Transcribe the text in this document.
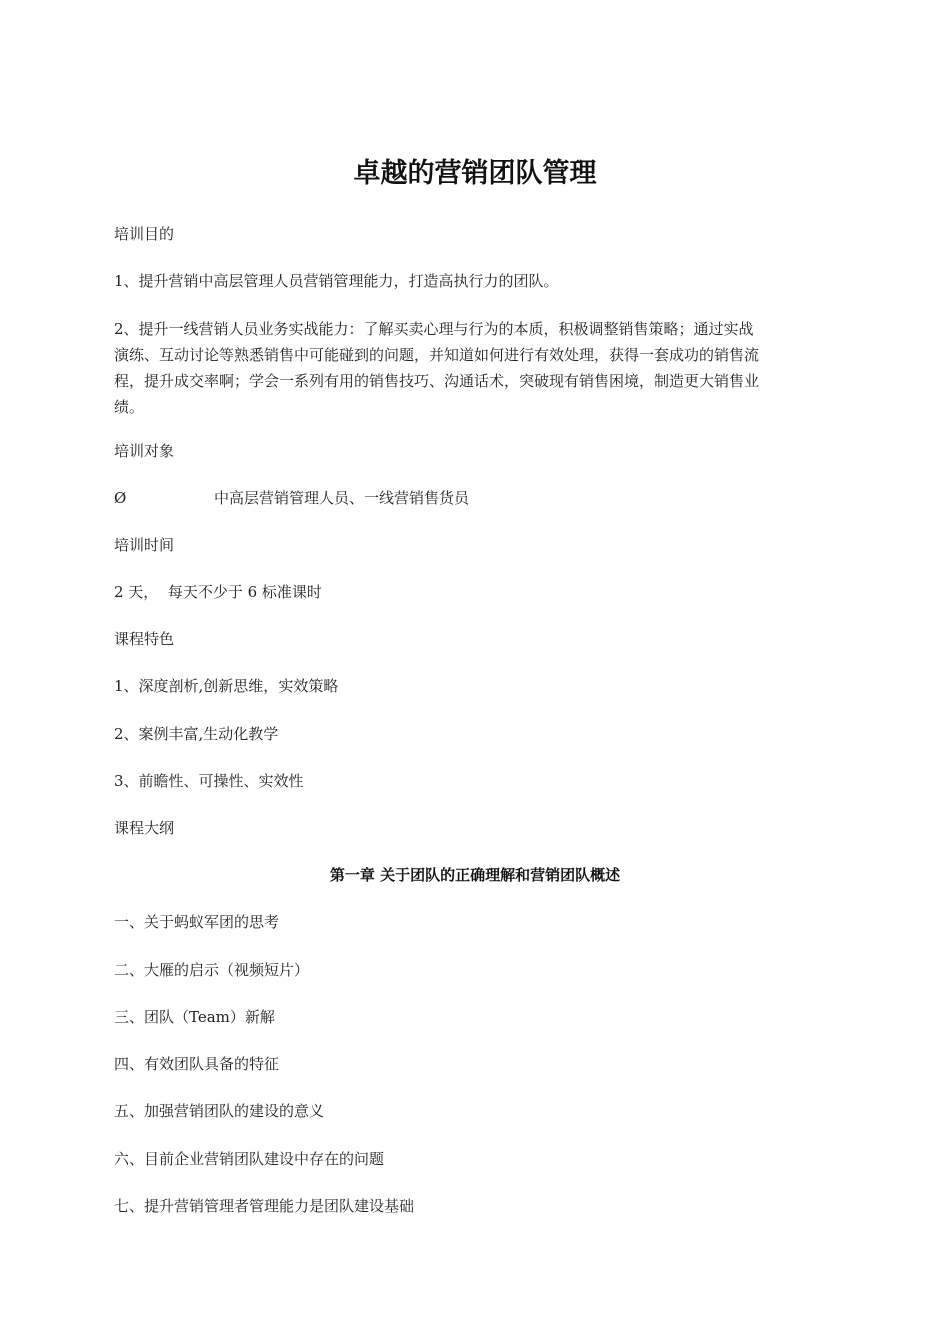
卓越的营销团队管理
培训目的
1、提升营销中高层管理人员营销管理能力，打造高执行力的团队。
2、提升一线营销人员业务实战能力：了解买卖心理与行为的本质，积极调整销售策略；通过实战
演练、互动讨论等熟悉销售中可能碰到的问题，并知道如何进行有效处理，获得一套成功的销售流
程，提升成交率啊；学会一系列有用的销售技巧、沟通话术，突破现有销售困境，制造更大销售业
绩。
培训对象
Ø	中高层营销管理人员、一线营销售货员
培训时间
2 天，  每天不少于 6 标准课时
课程特色
1、深度剖析,创新思维，实效策略
2、案例丰富,生动化教学
3、前瞻性、可操性、实效性
课程大纲
第一章 关于团队的正确理解和营销团队概述
一、关于蚂蚁军团的思考
二、大雁的启示（视频短片）
三、团队（Team）新解
四、有效团队具备的特征
五、加强营销团队的建设的意义
六、目前企业营销团队建设中存在的问题
七、提升营销管理者管理能力是团队建设基础
